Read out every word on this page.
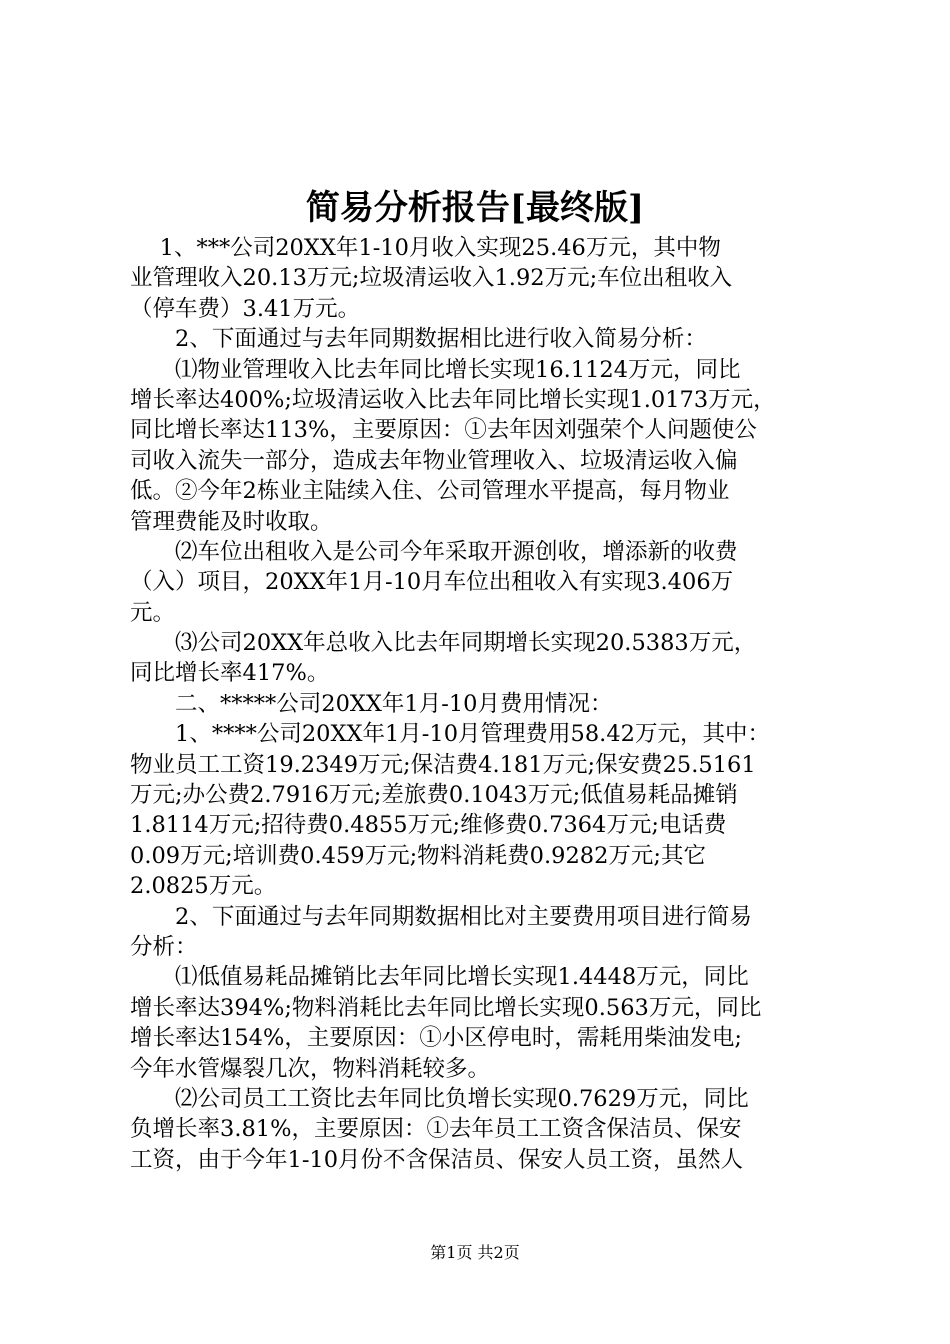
简易分析报告[最终版]
　 1、***公司20XX年1-10月收入实现25.46万元，其中物
业管理收入20.13万元;垃圾清运收入1.92万元;车位出租收入
（停车费）3.41万元。
　　2、下面通过与去年同期数据相比进行收入简易分析：
　　⑴物业管理收入比去年同比增长实现16.1124万元，同比
增长率达400%;垃圾清运收入比去年同比增长实现1.0173万元，
同比增长率达113%，主要原因：①去年因刘强荣个人问题使公
司收入流失一部分，造成去年物业管理收入、垃圾清运收入偏
低。②今年2栋业主陆续入住、公司管理水平提高，每月物业
管理费能及时收取。
　　⑵车位出租收入是公司今年采取开源创收，增添新的收费
（入）项目，20XX年1月-10月车位出租收入有实现3.406万
元。
　　⑶公司20XX年总收入比去年同期增长实现20.5383万元，
同比增长率417%。
　　二、*****公司20XX年1月-10月费用情况：
　　1、****公司20XX年1月-10月管理费用58.42万元，其中：
物业员工工资19.2349万元;保洁费4.181万元;保安费25.5161
万元;办公费2.7916万元;差旅费0.1043万元;低值易耗品摊销
1.8114万元;招待费0.4855万元;维修费0.7364万元;电话费
0.09万元;培训费0.459万元;物料消耗费0.9282万元;其它
2.0825万元。
　　2、下面通过与去年同期数据相比对主要费用项目进行简易
分析：
　　⑴低值易耗品摊销比去年同比增长实现1.4448万元，同比
增长率达394%;物料消耗比去年同比增长实现0.563万元，同比
增长率达154%，主要原因：①小区停电时，需耗用柴油发电;
今年水管爆裂几次，物料消耗较多。
　　⑵公司员工工资比去年同比负增长实现0.7629万元，同比
负增长率3.81%，主要原因：①去年员工工资含保洁员、保安
工资，由于今年1-10月份不含保洁员、保安人员工资，虽然人
第1页 共2页
